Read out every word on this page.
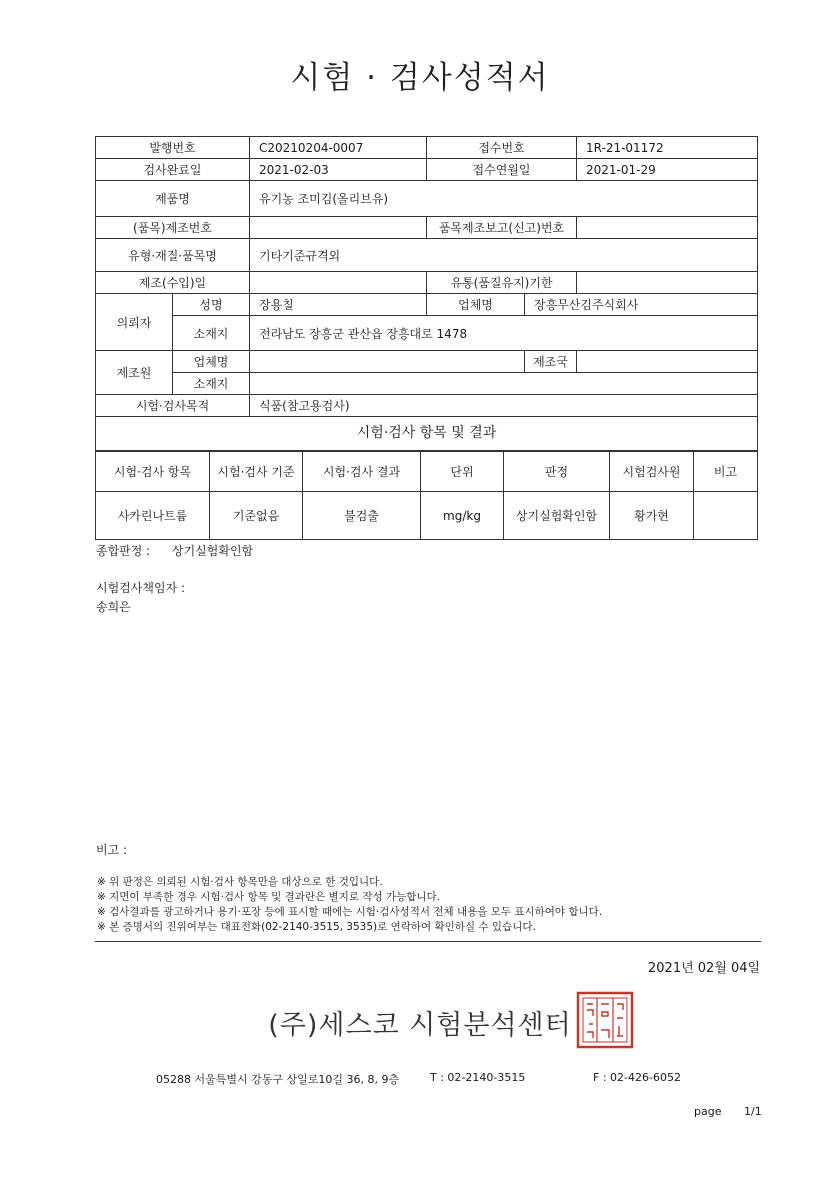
시험 · 검사성적서
발행번호		C20210204-0007	접수번호		1R-21-01172
검사완료일		2021-02-03	접수연월일		2021-01-29
제품명		유기농 조미김(올리브유)			
(품목)제조번호			품목제조보고(신고)번호		
유형·재질·품목명		기타기준규격외			
제조(수입)일			유통(품질유지)기한		
의뢰자	성명	장용칠	업체명	장흥무산김주식회사	
	소재지	전라남도 장흥군 관산읍 장흥대로 1478			
제조원	업체명			제조국	
	소재지				
시험·검사목적		식품(참고용검사)			
시험·검사 항목 및 결과
시험·검사 항목	시험·검사 기준	시험·검사 결과	단위	판정	시험검사원	비고
사카린나트륨	기준없음	불검출	mg/kg	상기실험확인함	황가현	
종합판정 : 상기실험확인함
시험검사책임자 :
송희은
비고 :
※ 위 판정은 의뢰된 시험·검사 항목만을 대상으로 한 것입니다.
※ 지면이 부족한 경우 시험·검사 항목 및 결과란은 별지로 작성 가능합니다.
※ 검사결과를 광고하거나 용기·포장 등에 표시할 때에는 시험·검사성적서 전체 내용을 모두 표시하여야 합니다.
※ 본 증명서의 진위여부는 대표전화(02-2140-3515, 3535)로 연락하여 확인하실 수 있습니다.
2021년 02월 04일
(주)세스코 시험분석센터
05288 서울특별시 강동구 상일로10길 36, 8, 9층	T : 02-2140-3515	F : 02-426-6052
page 1/1
